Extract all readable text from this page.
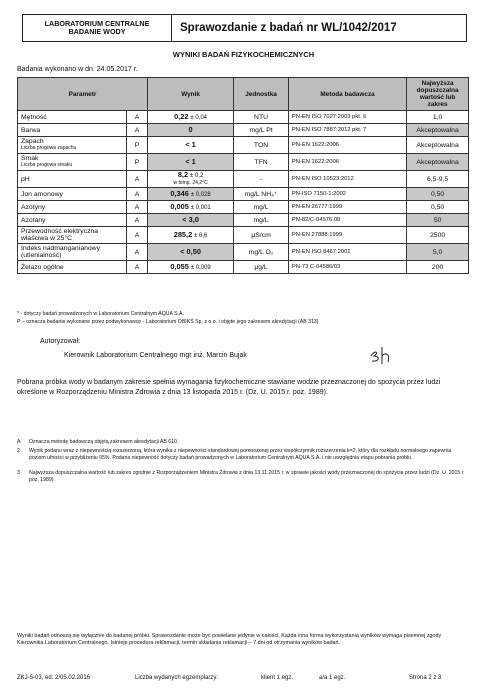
LABORATORIUM CENTRALNE
BADANIE WODY	Sprawozdanie z badań nr WL/1042/2017
WYNIKI BADAŃ FIZYKOCHEMICZNYCH
Badania wykonano w dn. 24.05.2017 r.
Parametr		Wynik	Jednostka	Metoda badawcza	Najwyższa dopuszczalna wartość lub zakres
Mętność	A	0,22 ± 0,04	NTU	PN-EN ISO 7027:2003 pkt. 6	1,0
Barwa	A	0	mg/L Pt	PN-EN ISO 7887:2012 pkt. 7	Akceptowalna
Zapach
Liczba progowa zapachu	P	< 1	TON	PN-EN 1622:2006	Akceptowalna
Smak
Liczba progowa smaku	P	< 1	TFN	PN-EN 1622:2006	Akceptowalna
pH	A	8,2 ± 0,2
w temp. 24,2°C	-	PN-EN ISO 10523:2012	6,5-9,5
Jon amonowy	A	0,346 ± 0,028	mg/L NH₄⁺	PN-ISO 7150-1:2002	0,50
Azotyny	A	0,005 ± 0,001	mg/L	PN-EN 26777:1999	0,50
Azotany	A	< 3,0	mg/L	PN-82/C-04576.08	50
Przewodność elektryczna właściwa w 25°C	A	285,2 ± 6,6	μS/cm	PN-EN 27888:1999	2500
Indeks nadmanganianowy (utlenialność)	A	< 0,50	mg/L O₂	PN-EN ISO 8467:2001	5,0
Żelazo ogólne	A	0,055 ± 0,009	μg/L	PN-73 C-04586/03	200
* - dotyczy badań prowadzonych w Laboratorium Centralnym AQUA S.A.
P – oznacza badanie wykonane przez podwykonawcę - Laboratorium OBIKŚ Sp. z o.o. i objęte jego zakresem akredytacji (AB 313)
Autoryzował:
Kierownik Laboratorium Centralnego mgr inż. Marcin Bujak
Pobrana próbka wody w badanym zakresie spełnia wymagania fizykochemiczne stawiane wodzie przeznaczonej do spożycia przez ludzi określone w Rozporządzeniu Ministra Zdrowia z dnia 13 listopada 2015 r. (Dz. U. 2015 r. poz. 1989).
A	Oznacza metodę badawczą objętą zakresem akredytacji AB 610.
2	Wynik podano wraz z niepewnością rozszerzoną, która wynika z niepewności standardowej pomnożonej przez współczynnik rozszerzenia k=2, który dla rozkładu normalnego zapewnia poziom ufności w przybliżeniu 95%. Podana niepewność dotyczy badań prowadzonych w Laboratorium Centralnym AQUA S.A. i nie uwzględnia etapu pobrania próbki.
3	Najwyższa dopuszczalna wartość lub zakres zgodnie z Rozporządzeniem Ministra Zdrowia z dnia 13.11.2015 r. w sprawie jakości wody przeznaczonej do spożycia przez ludzi (Dz. U. 2015 r. poz. 1989).
Wyniki badań odnoszą się wyłącznie do badanej próbki. Sprawozdanie może być powielane jedynie w całości. Każda inna forma wykorzystania wyników wymaga pisemnej zgody Kierownika Laboratorium Centralnego. Istnieje procedura reklamacji, termin składania reklamacji – 7 dni od otrzymania wyników badań.
ZKJ-5-03, ed. 2/05.02.2016	Liczba wydanych egzemplarzy:	klient 1 egz.	a/a 1 egz.	Strona 2 z 3
